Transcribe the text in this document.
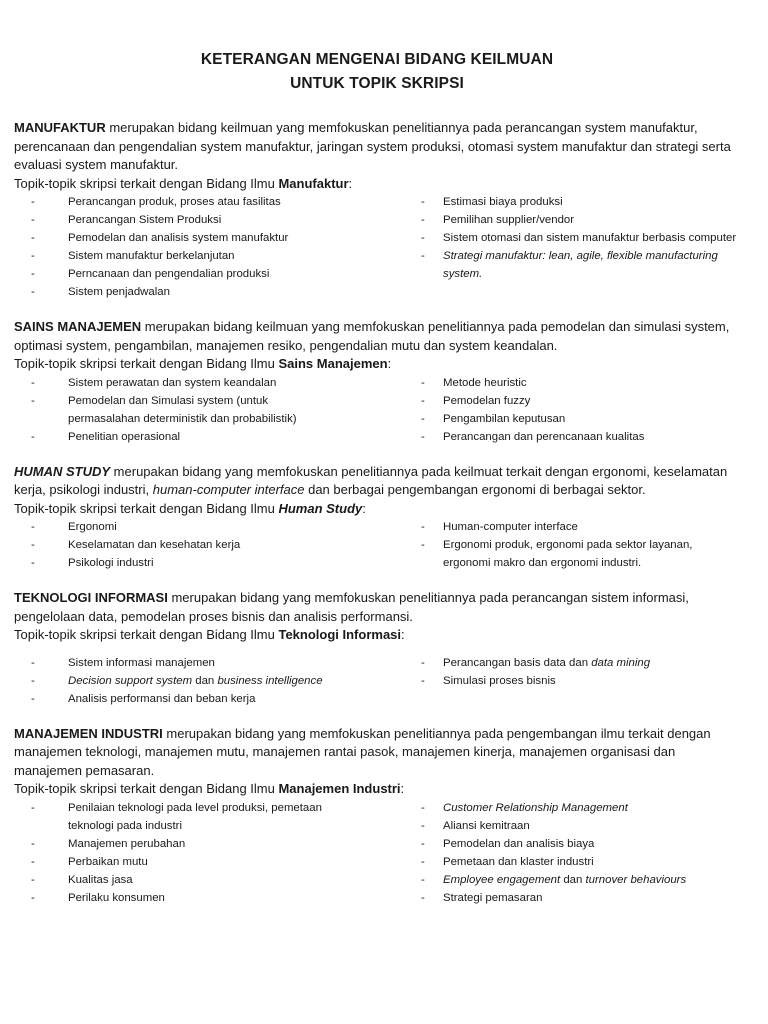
KETERANGAN MENGENAI BIDANG KEILMUAN
UNTUK TOPIK SKRIPSI
MANUFAKTUR merupakan bidang keilmuan yang memfokuskan penelitiannya pada perancangan system manufaktur, perencanaan dan pengendalian system manufaktur, jaringan system produksi, otomasi system manufaktur dan strategi serta evaluasi system manufaktur.
Topik-topik skripsi terkait dengan Bidang Ilmu Manufaktur:
-	Perancangan produk, proses atau fasilitas
-	Perancangan Sistem Produksi
-	Pemodelan dan analisis system manufaktur
-	Sistem manufaktur berkelanjutan
-	Perncanaan dan pengendalian produksi
-	Sistem penjadwalan
-	Estimasi biaya produksi
-	Pemilihan supplier/vendor
-	Sistem otomasi dan sistem manufaktur berbasis computer
-	Strategi manufaktur: lean, agile, flexible manufacturing system.
SAINS MANAJEMEN merupakan bidang keilmuan yang memfokuskan penelitiannya pada pemodelan dan simulasi system, optimasi system, pengambilan, manajemen resiko, pengendalian mutu dan system keandalan.
Topik-topik skripsi terkait dengan Bidang Ilmu Sains Manajemen:
-	Sistem perawatan dan system keandalan
-	Pemodelan dan Simulasi system (untuk permasalahan deterministik dan probabilistik)
-	Penelitian operasional
-	Metode heuristic
-	Pemodelan fuzzy
-	Pengambilan keputusan
-	Perancangan dan perencanaan kualitas
HUMAN STUDY merupakan bidang yang memfokuskan penelitiannya pada keilmuat terkait dengan ergonomi, keselamatan kerja, psikologi industri, human-computer interface dan berbagai pengembangan ergonomi di berbagai sektor.
Topik-topik skripsi terkait dengan Bidang Ilmu Human Study:
-	Ergonomi
-	Keselamatan dan kesehatan kerja
-	Psikologi industri
-	Human-computer interface
-	Ergonomi produk, ergonomi pada sektor layanan, ergonomi makro dan ergonomi industri.
TEKNOLOGI INFORMASI merupakan bidang yang memfokuskan penelitiannya pada perancangan sistem informasi, pengelolaan data, pemodelan proses bisnis dan analisis performansi.
Topik-topik skripsi terkait dengan Bidang Ilmu Teknologi Informasi:
-	Sistem informasi manajemen
-	Decision support system dan business intelligence
-	Analisis performansi dan beban kerja
-	Perancangan basis data dan data mining
-	Simulasi proses bisnis
MANAJEMEN INDUSTRI merupakan bidang yang memfokuskan penelitiannya pada pengembangan ilmu terkait dengan manajemen teknologi, manajemen mutu, manajemen rantai pasok, manajemen kinerja, manajemen organisasi dan manajemen pemasaran.
Topik-topik skripsi terkait dengan Bidang Ilmu Manajemen Industri:
-	Penilaian teknologi pada level produksi, pemetaan teknologi pada industri
-	Manajemen perubahan
-	Perbaikan mutu
-	Kualitas jasa
-	Perilaku konsumen
-	Customer Relationship Management
-	Aliansi kemitraan
-	Pemodelan dan analisis biaya
-	Pemetaan dan klaster industri
-	Employee engagement dan turnover behaviours
-	Strategi pemasaran
